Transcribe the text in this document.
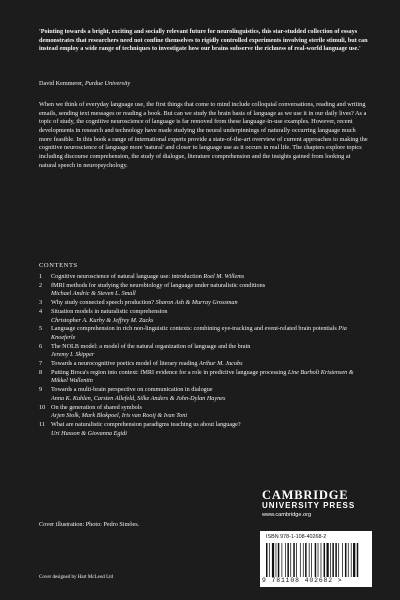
'Pointing towards a bright, exciting and socially relevant future for neurolinguistics, this star-studded collection of essays demonstrates that researchers need not confine themselves to rigidly controlled experiments involving sterile stimuli, but can instead employ a wide range of techniques to investigate how our brains subserve the richness of real-world language use.'
David Kemmerer, Purdue University
When we think of everyday language use, the first things that come to mind include colloquial conversations, reading and writing emails, sending text messages or reading a book. But can we study the brain basis of language as we use it in our daily lives? As a topic of study, the cognitive neuroscience of language is far removed from these language-in-use examples. However, recent developments in research and technology have made studying the neural underpinnings of naturally occurring language much more feasible. In this book a range of international experts provide a state-of-the-art overview of current approaches to making the cognitive neuroscience of language more 'natural' and closer to language use as it occurs in real life. The chapters explore topics including discourse comprehension, the study of dialogue, literature comprehension and the insights gained from looking at natural speech in neuropsychology.
CONTENTS
1	Cognitive neuroscience of natural language use: introduction Roel M. Willems
2	fMRI methods for studying the neurobiology of language under naturalistic conditions
Michael Andric & Steven L. Small
3	Why study connected speech production? Sharon Ash & Murray Grossman
4	Situation models in naturalistic comprehension
Christopher A. Kurby & Jeffrey M. Zacks
5	Language comprehension in rich non-linguistic contexts: combining eye-tracking and event-related brain potentials Pia Knoeferle
6	The NOLB model: a model of the natural organization of language and the brain
Jeremy I. Skipper
7	Towards a neurocognitive poetics model of literary reading Arthur M. Jacobs
8	Putting Broca's region into context: fMRI evidence for a role in predictive language processing Line Burholt Kristensen & Mikkel Wallentin
9	Towards a multi-brain perspective on communication in dialogue
Anna K. Kuhlen, Carsten Allefeld, Silke Anders & John-Dylan Haynes
10 On the generation of shared symbols
Arjen Stolk, Mark Blokpoel, Iris van Rooij & Ivan Toni
11 What are naturalistic comprehension paradigms teaching us about language?
Uri Hasson & Giovanna Egidi
CAMBRIDGE
UNIVERSITY PRESS
www.cambridge.org
Cover illustration: Photo: Pedro Simões.
Cover designed by Hart McLeod Ltd
ISBN 978-1-108-40268-2
9 781108 402682 >
